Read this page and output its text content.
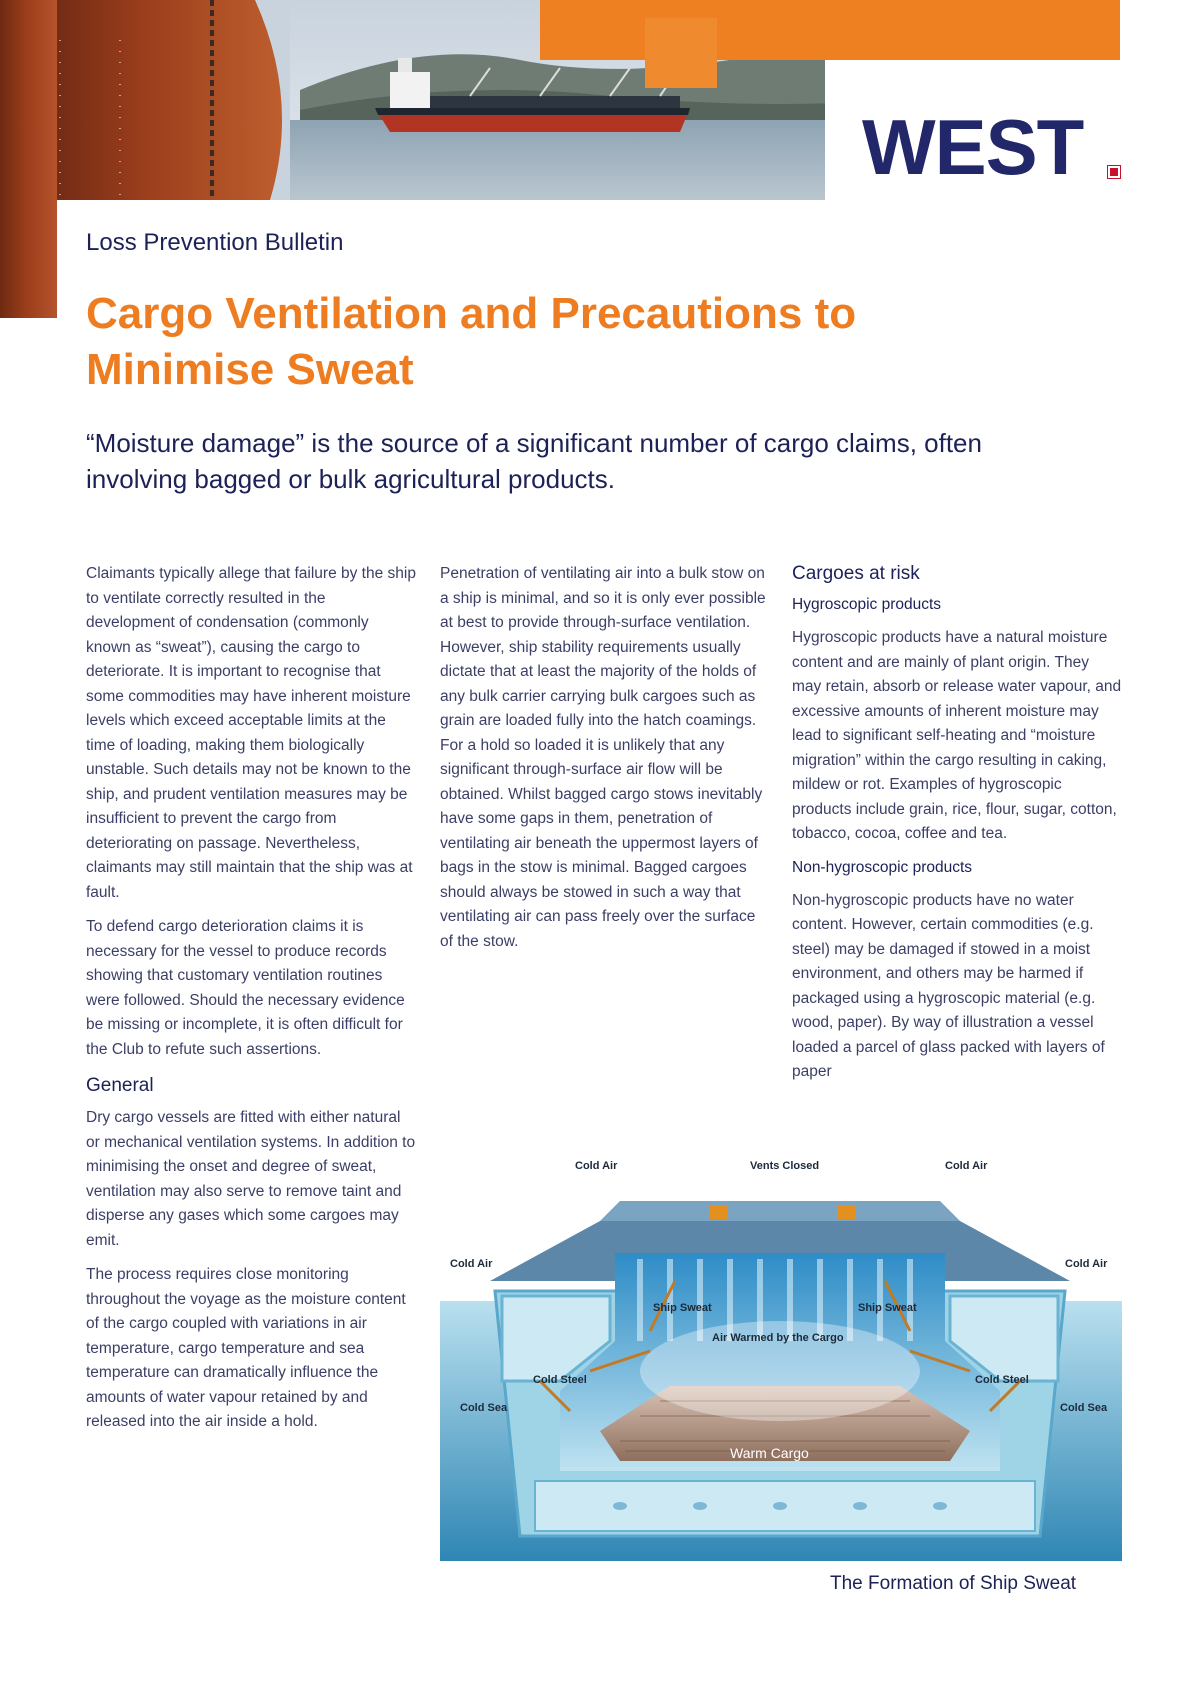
WEST
Loss Prevention Bulletin
Cargo Ventilation and Precautions to
Minimise Sweat
“Moisture damage” is the source of a significant number of cargo claims, often
involving bagged or bulk agricultural products.

Claimants typically allege that failure by the ship to ventilate correctly resulted in the development of condensation (commonly known as “sweat”), causing the cargo to deteriorate. It is important to recognise that some commodities may have inherent moisture levels which exceed acceptable limits at the time of loading, making them biologically unstable. Such details may not be known to the ship, and prudent ventilation measures may be insufficient to prevent the cargo from deteriorating on passage. Nevertheless, claimants may still maintain that the ship was at fault.

To defend cargo deterioration claims it is necessary for the vessel to produce records showing that customary ventilation routines were followed. Should the necessary evidence be missing or incomplete, it is often difficult for the Club to refute such assertions.

General

Dry cargo vessels are fitted with either natural or mechanical ventilation systems. In addition to minimising the onset and degree of sweat, ventilation may also serve to remove taint and disperse any gases which some cargoes may emit.

The process requires close monitoring throughout the voyage as the moisture content of the cargo coupled with variations in air temperature, cargo temperature and sea temperature can dramatically influence the amounts of water vapour retained by and released into the air inside a hold.

Penetration of ventilating air into a bulk stow on a ship is minimal, and so it is only ever possible at best to provide through-surface ventilation. However, ship stability requirements usually dictate that at least the majority of the holds of any bulk carrier carrying bulk cargoes such as grain are loaded fully into the hatch coamings. For a hold so loaded it is unlikely that any significant through-surface air flow will be obtained. Whilst bagged cargo stows inevitably have some gaps in them, penetration of ventilating air beneath the uppermost layers of bags in the stow is minimal. Bagged cargoes should always be stowed in such a way that ventilating air can pass freely over the surface of the stow.

Cargoes at risk
Hygroscopic products

Hygroscopic products have a natural moisture content and are mainly of plant origin. They may retain, absorb or release water vapour, and excessive amounts of inherent moisture may lead to significant self-heating and “moisture migration” within the cargo resulting in caking, mildew or rot. Examples of hygroscopic products include grain, rice, flour, sugar, cotton, tobacco, cocoa, coffee and tea.

Non-hygroscopic products

Non-hygroscopic products have no water content. However, certain commodities (e.g. steel) may be damaged if stowed in a moist environment, and others may be harmed if packaged using a hygroscopic material (e.g. wood, paper). By way of illustration a vessel loaded a parcel of glass packed with layers of paper

Cold Air	Cold Air
Vents Closed
Cold Air	Cold Air
Ship Sweat	Ship Sweat
Air Warmed by the Cargo
Cold Steel	Cold Steel
Cold Sea	Cold Sea
Warm Cargo
The Formation of Ship Sweat
